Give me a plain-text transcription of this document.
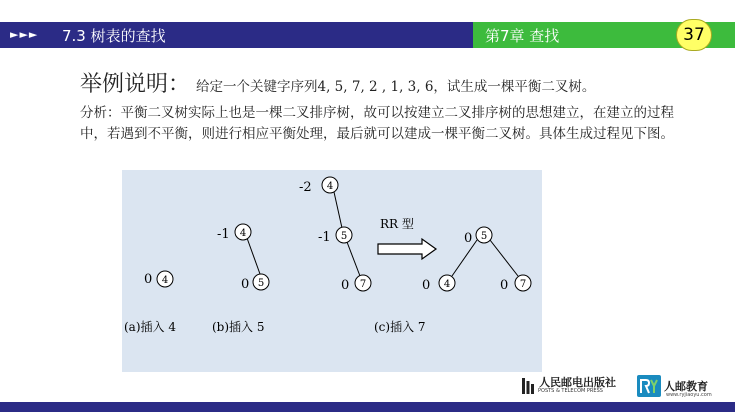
►►► 7.3 树表的查找	第7章 查找	37
举例说明： 给定一个关键字序列4, 5, 7, 2 , 1, 3, 6，试生成一棵平衡二叉树。
分析：平衡二叉树实际上也是一棵二叉排序树，故可以按建立二叉排序树的思想建立，在建立的过程中，若遇到不平衡，则进行相应平衡处理，最后就可以建成一棵平衡二叉树。具体生成过程见下图。
4
0
4
-1
5
0
4
-2
5
-1
7
0
RR 型
5
0
4
0	7
0
(a)插入 4	(b)插入 5	(c)插入 7
人民邮电出版社
POSTS & TELECOM PRESS	人邮教育
www.ryjiaoyu.com
